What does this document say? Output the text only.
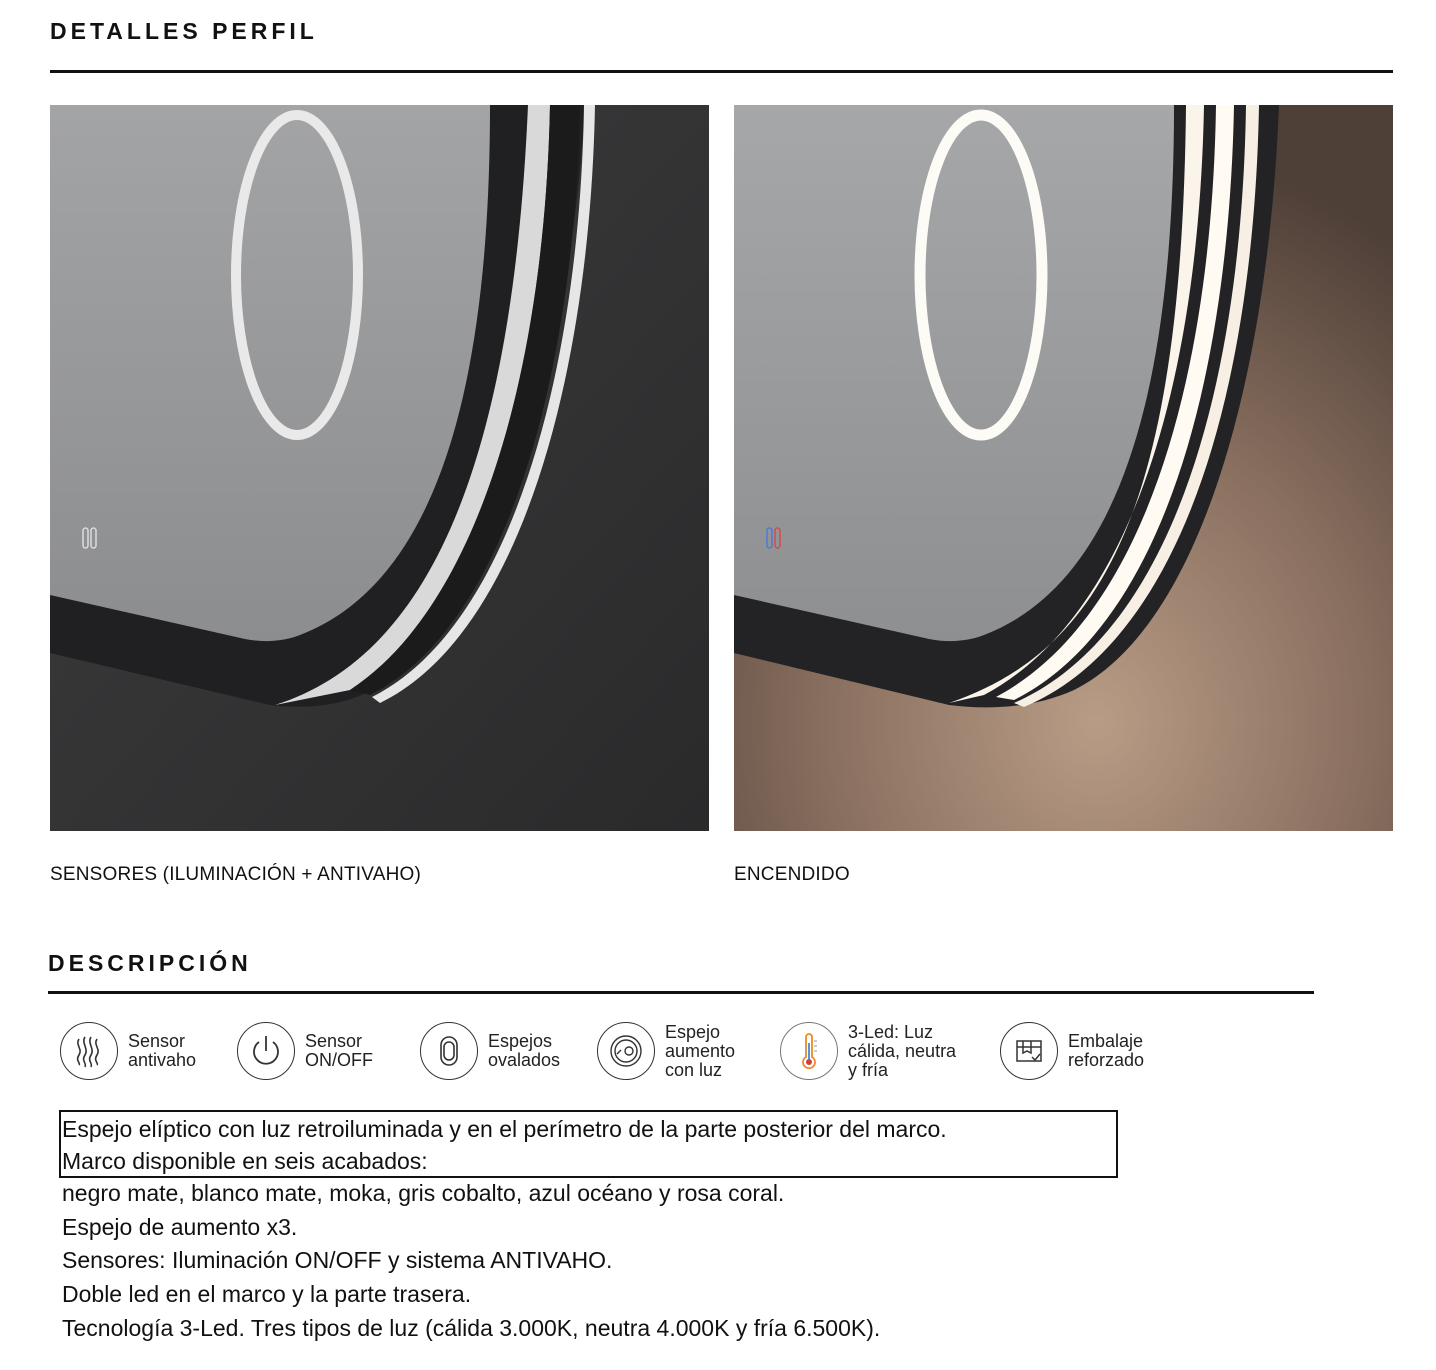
DETALLES PERFIL
SENSORES (ILUMINACIÓN + ANTIVAHO)	ENCENDIDO
DESCRIPCIÓN
Sensor
antivaho
Sensor
ON/OFF
Espejos
ovalados
Espejo
aumento
con luz
3-Led: Luz
cálida, neutra
y fría
Embalaje
reforzado
Espejo elíptico con luz retroiluminada y en el perímetro de la parte posterior del marco.
Marco disponible en seis acabados:
negro mate, blanco mate, moka, gris cobalto, azul océano y rosa coral.
Espejo de aumento x3.
Sensores: Iluminación ON/OFF y sistema ANTIVAHO.
Doble led en el marco y la parte trasera.
Tecnología 3-Led. Tres tipos de luz (cálida 3.000K, neutra 4.000K y fría 6.500K).
